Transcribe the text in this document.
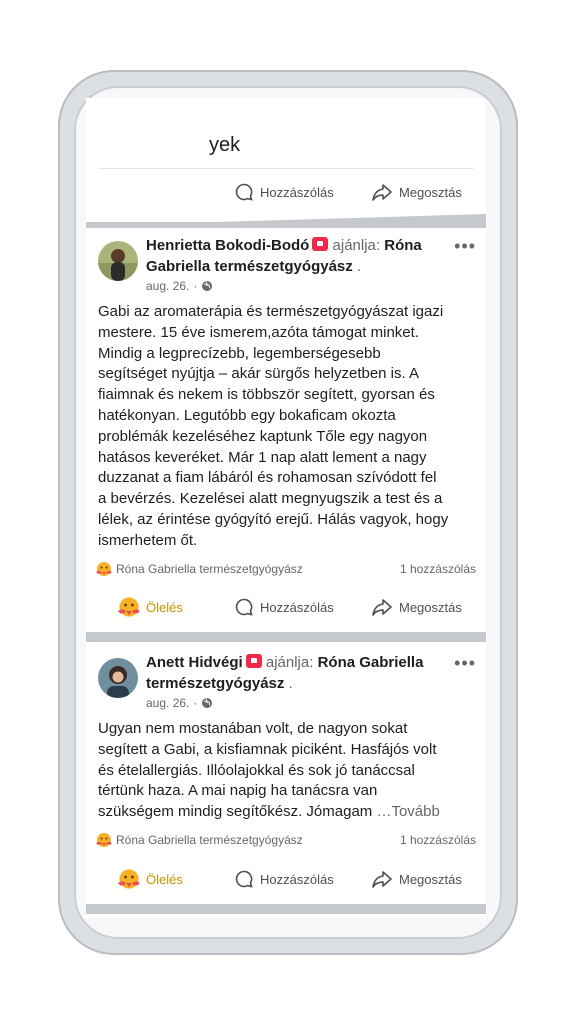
yek
Hozzászólás	Megosztás
Henrietta Bokodi-Bodó ajánlja: Róna Gabriella természetgyógyász .
•••
aug. 26. ·
Gabi az aromaterápia és természetgyógyászat igazi
mestere. 15 éve ismerem,azóta támogat minket.
Mindig a legprecízebb, legemberségesebb
segítséget nyújtja – akár sürgős helyzetben is. A
fiaimnak és nekem is többször segített, gyorsan és
hatékonyan. Legutóbb egy bokaficam okozta
problémák kezeléséhez kaptunk Tőle egy nagyon
hatásos keveréket. Már 1 nap alatt lement a nagy
duzzanat a fiam lábáról és rohamosan szívódott fel
a bevérzés. Kezelései alatt megnyugszik a test és a
lélek, az érintése gyógyító erejű. Hálás vagyok, hogy
ismerhetem őt.
Róna Gabriella természetgyógyász	1 hozzászólás
Ölelés	Hozzászólás	Megosztás
Anett Hidvégi ajánlja: Róna Gabriella természetgyógyász .
•••
aug. 26. ·
Ugyan nem mostanában volt, de nagyon sokat
segített a Gabi, a kisfiamnak piciként. Hasfájós volt
és ételallergiás. Illóolajokkal és sok jó tanáccsal
tértünk haza. A mai napig ha tanácsra van
szükségem mindig segítőkész. Jómagam …Tovább
Róna Gabriella természetgyógyász	1 hozzászólás
Ölelés	Hozzászólás	Megosztás
